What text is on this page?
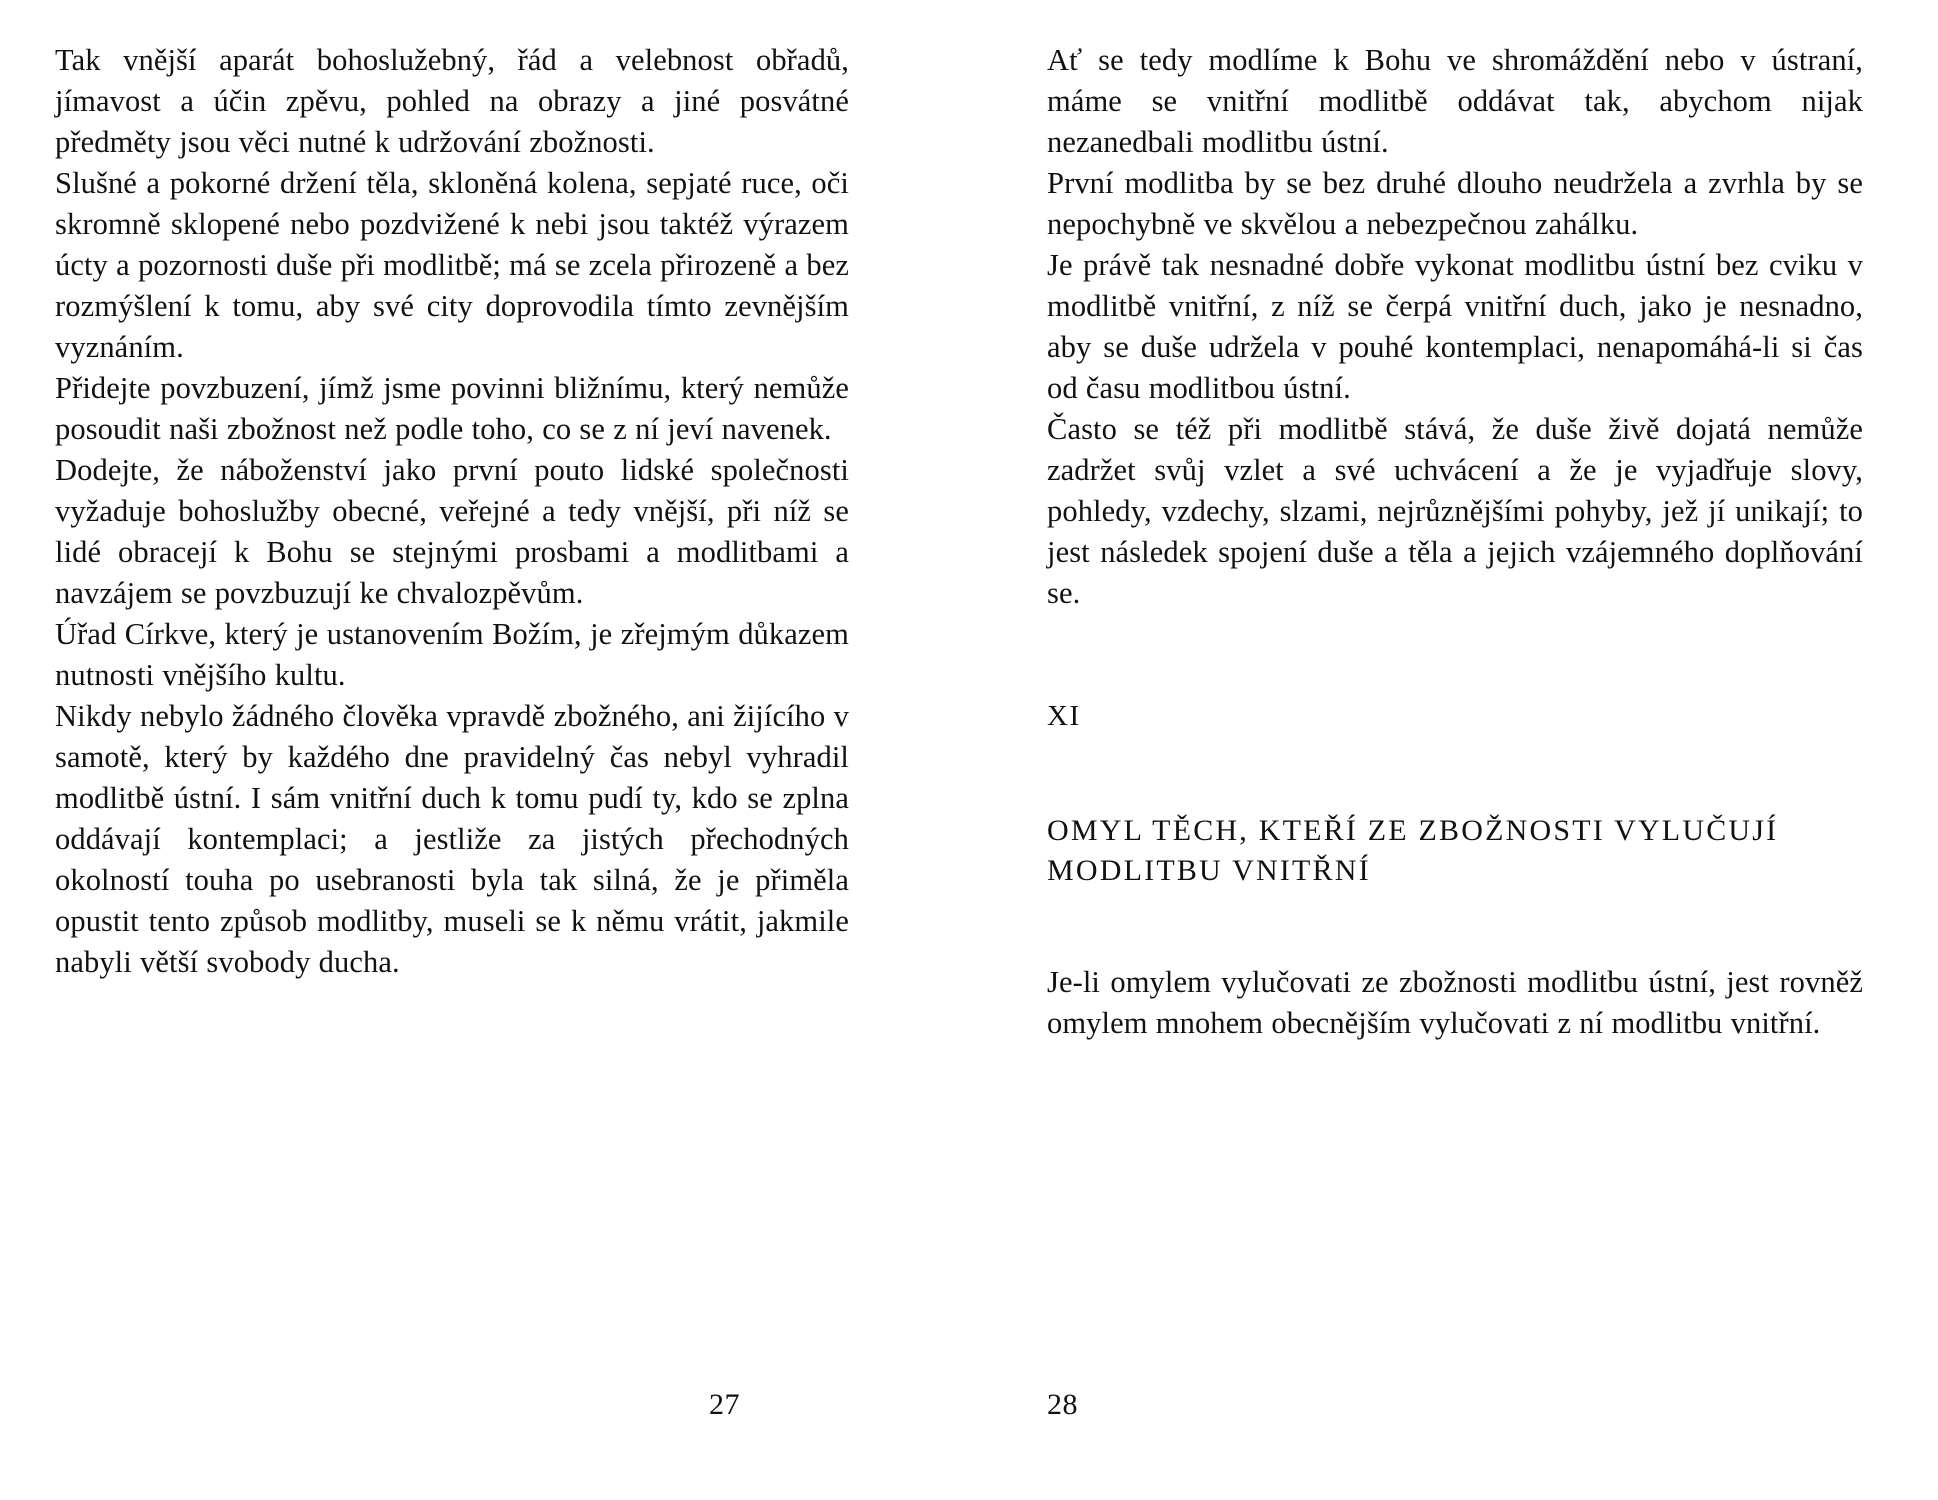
Tak vnější aparát bohoslužebný, řád a velebnost obřadů, jímavost a účin zpěvu, pohled na obrazy a jiné posvátné předměty jsou věci nutné k udržování zbožnosti.

Slušné a pokorné držení těla, skloněná kolena, sepjaté ruce, oči skromně sklopené nebo pozdvižené k nebi jsou taktéž výrazem úcty a pozornosti duše při modlitbě; má se zcela přirozeně a bez rozmýšlení k tomu, aby své city doprovodila tímto zevnějším vyznáním.

Přidejte povzbuzení, jímž jsme povinni bližnímu, který nemůže posoudit naši zbožnost než podle toho, co se z ní jeví navenek.

Dodejte, že náboženství jako první pouto lidské společnosti vyžaduje bohoslužby obecné, veřejné a tedy vnější, při níž se lidé obracejí k Bohu se stejnými prosbami a modlitbami a navzájem se povzbuzují ke chvalozpěvům.

Úřad Církve, který je ustanovením Božím, je zřejmým důkazem nutnosti vnějšího kultu.

Nikdy nebylo žádného člověka vpravdě zbožného, ani žijícího v samotě, který by každého dne pravidelný čas nebyl vyhradil modlitbě ústní. I sám vnitřní duch k tomu pudí ty, kdo se zplna oddávají kontemplaci; a jestliže za jistých přechodných okolností touha po usebranosti byla tak silná, že je přiměla opustit tento způsob modlitby, museli se k němu vrátit, jakmile nabyli větší svobody ducha.

27

Ať se tedy modlíme k Bohu ve shromáždění nebo v ústraní, máme se vnitřní modlitbě oddávat tak, abychom nijak nezanedbali modlitbu ústní.

První modlitba by se bez druhé dlouho neudržela a zvrhla by se nepochybně ve skvělou a nebezpečnou zahálku.

Je právě tak nesnadné dobře vykonat modlitbu ústní bez cviku v modlitbě vnitřní, z níž se čerpá vnitřní duch, jako je nesnadno, aby se duše udržela v pouhé kontemplaci, nenapomáhá-li si čas od času modlitbou ústní.

Často se též při modlitbě stává, že duše živě dojatá nemůže zadržet svůj vzlet a své uchvácení a že je vyjadřuje slovy, pohledy, vzdechy, slzami, nejrůznějšími pohyby, jež jí unikají; to jest následek spojení duše a těla a jejich vzájemného doplňování se.

XI

OMYL TĚCH, KTEŘÍ ZE ZBOŽNOSTI VYLUČUJÍ MODLITBU VNITŘNÍ

Je-li omylem vylučovati ze zbožnosti modlitbu ústní, jest rovněž omylem mnohem obecnějším vylučovati z ní modlitbu vnitřní.

28
